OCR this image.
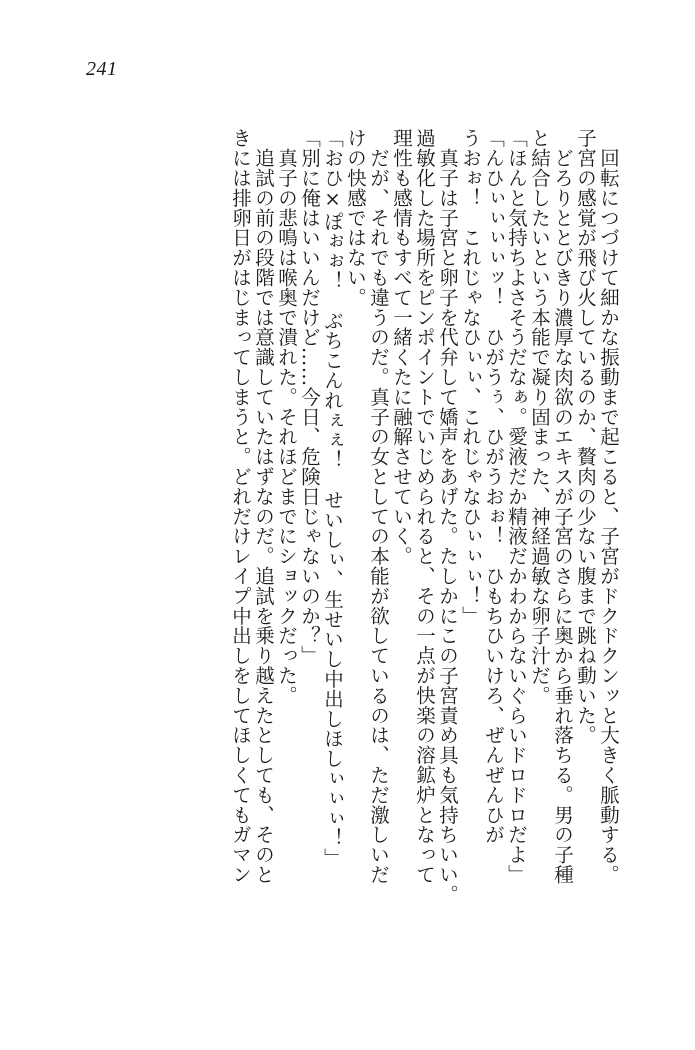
241

　回転につづけて細かな振動まで起こると、子宮がドクドクンッと大きく脈動する。

子宮の感覚が飛び火しているのか、贅肉の少ない腹まで跳ね動いた。

　どろりととびきり濃厚な肉欲のエキスが子宮のさらに奥から垂れ落ちる。男の子種

と結合したいという本能で凝り固まった、神経過敏な卵子汁だ。

「ほんと気持ちよさそうだなぁ。愛液だか精液だかわからないぐらいドロドロだよ」

「んひぃぃぃぃッ！　ひがうぅ、ひがうおぉ！　ひもちひいけろ、ぜんぜんひが

うおぉ！　これじゃなひぃぃ、これじゃなひぃぃぃ！」

　真子は子宮と卵子を代弁して嬌声をあげた。たしかにこの子宮責め具も気持ちいい。

過敏化した場所をピンポイントでいじめられると、その一点が快楽の溶鉱炉となって

理性も感情もすべて一緒くたに融解させていく。

　だが、それでも違うのだ。真子の女としての本能が欲しているのは、ただ激しいだ

けの快感ではない。

「おひ×ぽぉぉ！　ぶちこんれぇぇ！　せいしぃ、生せいし中出しほしぃぃぃ！」

「別に俺はいいんだけど……今日、危険日じゃないのか？」

　真子の悲鳴は喉奥で潰れた。それほどまでにショックだった。

　追試の前の段階では意識していたはずなのだ。追試を乗り越えたとしても、そのと

きには排卵日がはじまってしまうと。どれだけレイプ中出しをしてほしくてもガマン
